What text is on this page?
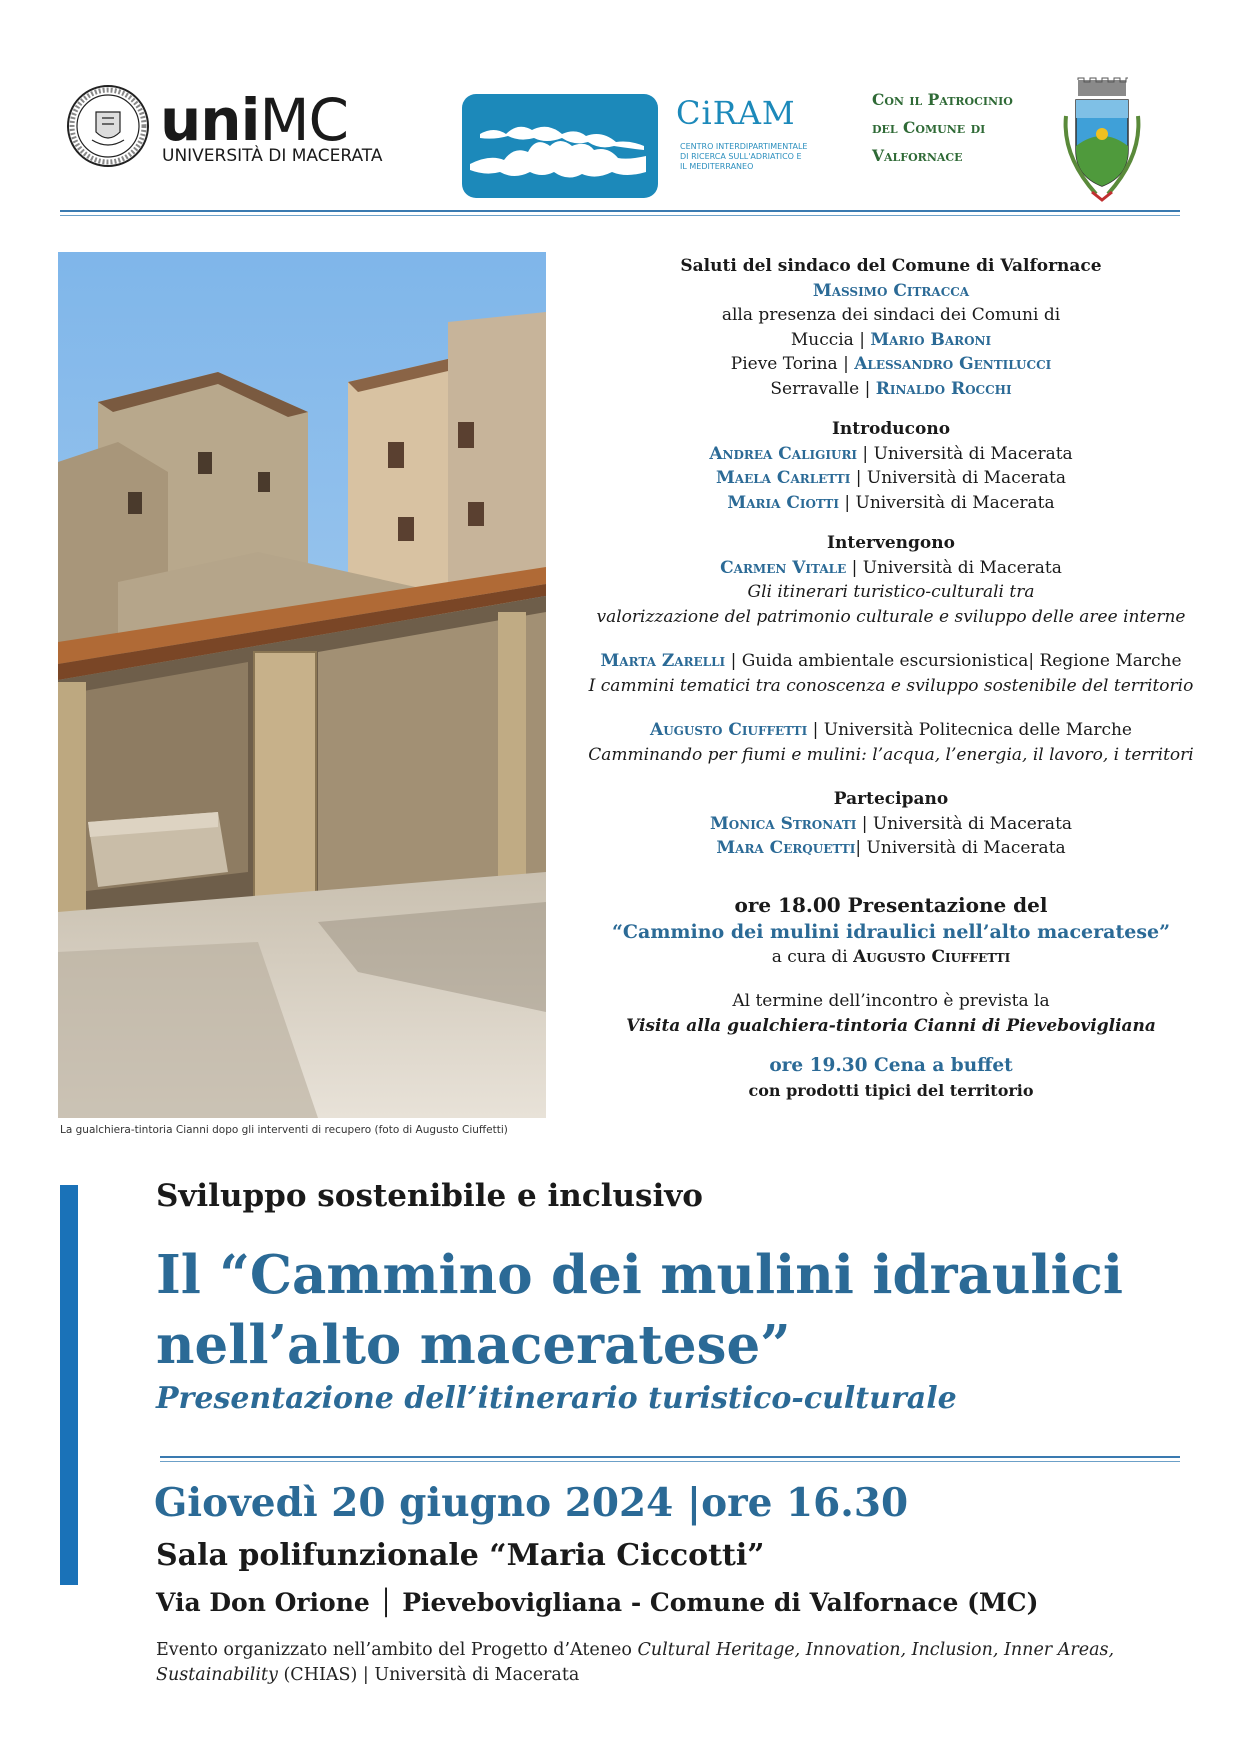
uniMC
UNIVERSITÀ DI MACERATA
CiRAM
CENTRO INTERDIPARTIMENTALE DI RICERCA SULL'ADRIATICO E IL MEDITERRANEO
Con il Patrocinio
del Comune di
Valfornace
La gualchiera-tintoria Cianni dopo gli interventi di recupero (foto di Augusto Ciuffetti)

Saluti del sindaco del Comune di Valfornace

Massimo Citracca

alla presenza dei sindaci dei Comuni di

Muccia | Mario Baroni

Pieve Torina | Alessandro Gentilucci

Serravalle | Rinaldo Rocchi

Introducono

Andrea Caligiuri | Università di Macerata

Maela Carletti | Università di Macerata

Maria Ciotti | Università di Macerata

Intervengono

Carmen Vitale | Università di Macerata

Gli itinerari turistico-culturali tra

valorizzazione del patrimonio culturale e sviluppo delle aree interne

Marta Zarelli | Guida ambientale escursionistica| Regione Marche

I cammini tematici tra conoscenza e sviluppo sostenibile del territorio

Augusto Ciuffetti | Università Politecnica delle Marche

Camminando per fiumi e mulini: l’acqua, l’energia, il lavoro, i territori

Partecipano

Monica Stronati | Università di Macerata

Mara Cerquetti| Università di Macerata

ore 18.00 Presentazione del

“Cammino dei mulini idraulici nell’alto maceratese”

a cura di Augusto Ciuffetti

Al termine dell’incontro è prevista la

Visita alla gualchiera-tintoria Cianni di Pievebovigliana

ore 19.30 Cena a buffet

con prodotti tipici del territorio

Sviluppo sostenibile e inclusivo
Il “Cammino dei mulini idraulici
nell’alto maceratese”
Presentazione dell’itinerario turistico-culturale
Giovedì 20 giugno 2024 |ore 16.30
Sala polifunzionale “Maria Ciccotti”
Via Don Orione │ Pievebovigliana - Comune di Valfornace (MC)
Evento organizzato nell’ambito del Progetto d’Ateneo Cultural Heritage, Innovation, Inclusion, Inner Areas, Sustainability (CHIAS) | Università di Macerata
